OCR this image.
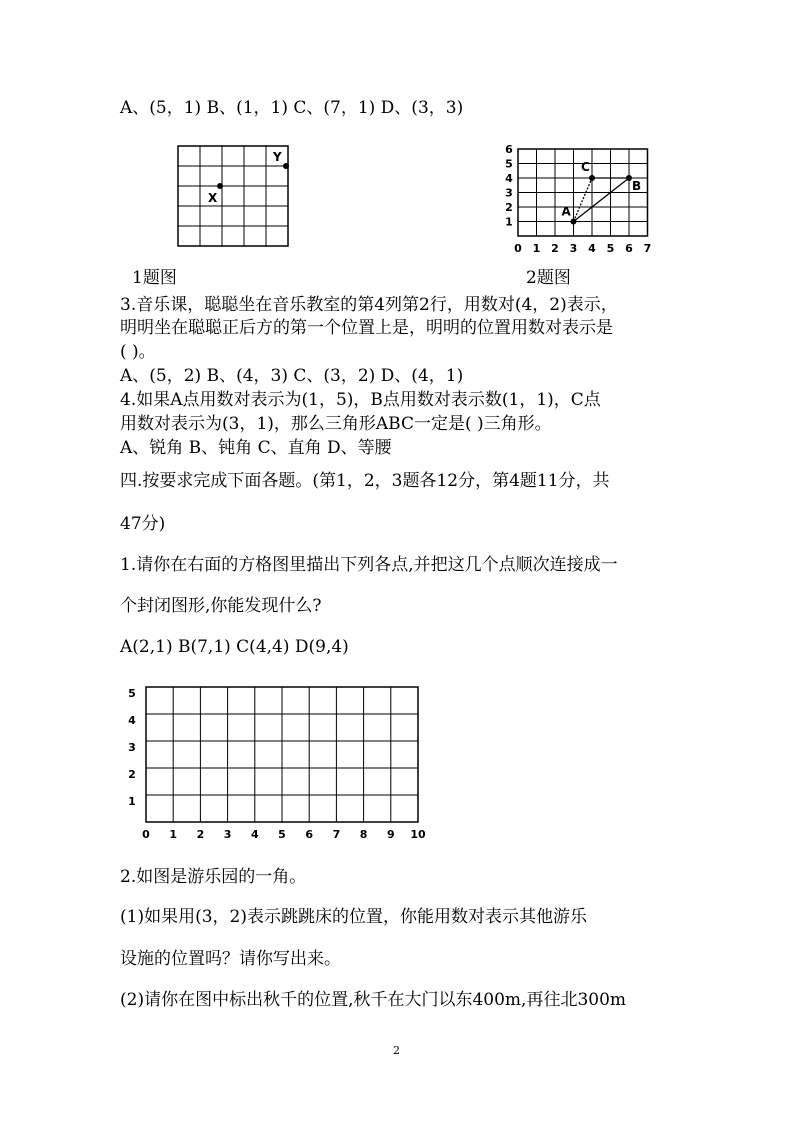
A、(5，1) B、(1，1) C、(7，1) D、(3，3)
X
Y
1题图
0 1 2 3 4 5 6 7
1
2
3
4
5
6
A
C
B
2题图
3.音乐课，聪聪坐在音乐教室的第4列第2行，用数对(4，2)表示，
明明坐在聪聪正后方的第一个位置上是，明明的位置用数对表示是
( )。
A、(5，2) B、(4，3) C、(3，2) D、(4，1)
4.如果A点用数对表示为(1，5)，B点用数对表示数(1，1)，C点
用数对表示为(3，1)，那么三角形ABC一定是( )三角形。
A、锐角 B、钝角 C、直角 D、等腰
四.按要求完成下面各题。(第1，2，3题各12分，第4题11分，共
47分)
1.请你在右面的方格图里描出下列各点,并把这几个点顺次连接成一
个封闭图形,你能发现什么?
A(2,1) B(7,1) C(4,4) D(9,4)
0 1 2 3 4 5 6 7 8 9 10
1
2
3
4
5
2.如图是游乐园的一角。
(1)如果用(3，2)表示跳跳床的位置，你能用数对表示其他游乐
设施的位置吗？请你写出来。
(2)请你在图中标出秋千的位置,秋千在大门以东400m,再往北300m
2
